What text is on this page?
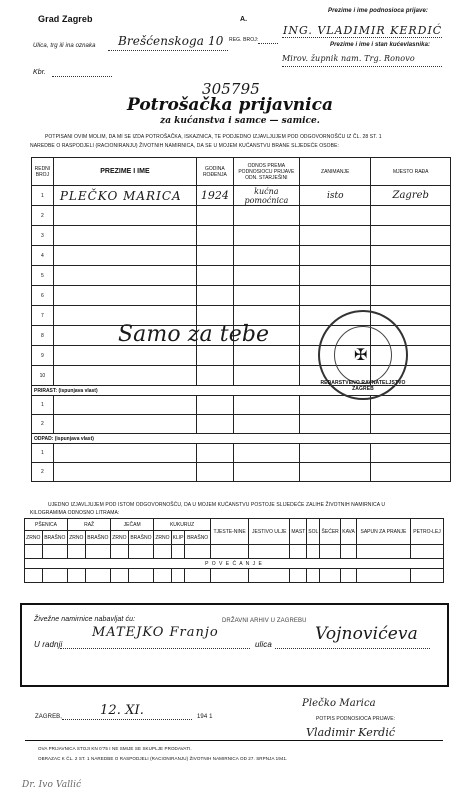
Grad Zagreb	A.
REG. BROJ:
Prezime i ime podnosioca prijave:
ING. VLADIMIR KERDIĆ
Prezime i ime i stan kućevlasnika:
Mirov. župnik nam. Trg. Ronovo
Ulica, trg ili ina oznaka Brešćenskoga 10
Kbr.
305795
Potrošačka prijavnica
za kućanstva i samce — samice.
POTPISANI OVIM MOLIM, DA MI SE IZDA POTROŠAČKA, ISKAZNICA, TE PODJEDNO IZJAVLJUJEM POD ODGOVORNOŠĆU IZ ČL. 28 ST. 1
NAREDBE O RASPODJELI (RACIONIRANJU) ŽIVOTNIH NAMIRNICA, DA SE U MOJEM KUĆANSTVU BRANE SLJEDEĆE OSOBE:
REDNI BROJ	PREZIME I IME	GODINA ROĐENJA	ODNOS PREMA PODNOSIOCU PRIJAVE ODN. STARJEŠINI	ZANIMANJE	MJESTO RAĐA
1	PLEČKO MARICA	1924	kućna pomoćnica	isto	Zagreb
2					
3					
4					
5					
6					
7					
8					
9					
10					
PRIRAST: (ispunjava vlast)					
1					
2					
ODPAD: (ispunjava vlast)					
1					
2					
Samo za tebe
✠
REDARSTVENO RAVNATELJSTVO ZAGREB
UJEDNO IZJAVLJUJEM POD ISTOM ODGOVORNOŠĆU, DA U MOJEM KUĆANSTVU POSTOJE SLIJEDEĆE ZALIHE ŽIVOTNIH NAMIRNICA U
KILOGRAMIMA ODNOSNO LITRAMA:
PŠENICA		RAŽ		JEČAM		KUKURUZ			TJESTE-NINE	JESTIVO ULJE	MAST	SOL	ŠEĆER	KAVA	SAPUN ZA PRANJE	PETRO-LEJ
ZRNO	BRAŠNO	ZRNO	BRAŠNO	ZRNO	BRAŠNO	ZRNO	KLIP	BRAŠNO								

P O V E Ć A N J E																

Živežne namirnice nabavljat ću:	DRŽAVNI ARHIV U ZAGREBU
U radnji
MATEJKO Franjo
ulica
Vojnovićeva
ZAGREB,	12. XI.	194 1
Plečko Marica
POTPIS PODNOSIOCA PRIJAVE:
Vladimir Kerdić
OVA PRIJAVNICA STOJI KN 0'75 I NE SMIJE SE SKUPLJE PRODAVATI.
OBRAZAC K ČL. 2 ST. 1 NAREDBE O RASPODJELI (RACIONIRANJU) ŽIVOTNIH NAMIRNICA OD 27. SRPNJA 1941.
Dr. Ivo Vallić
